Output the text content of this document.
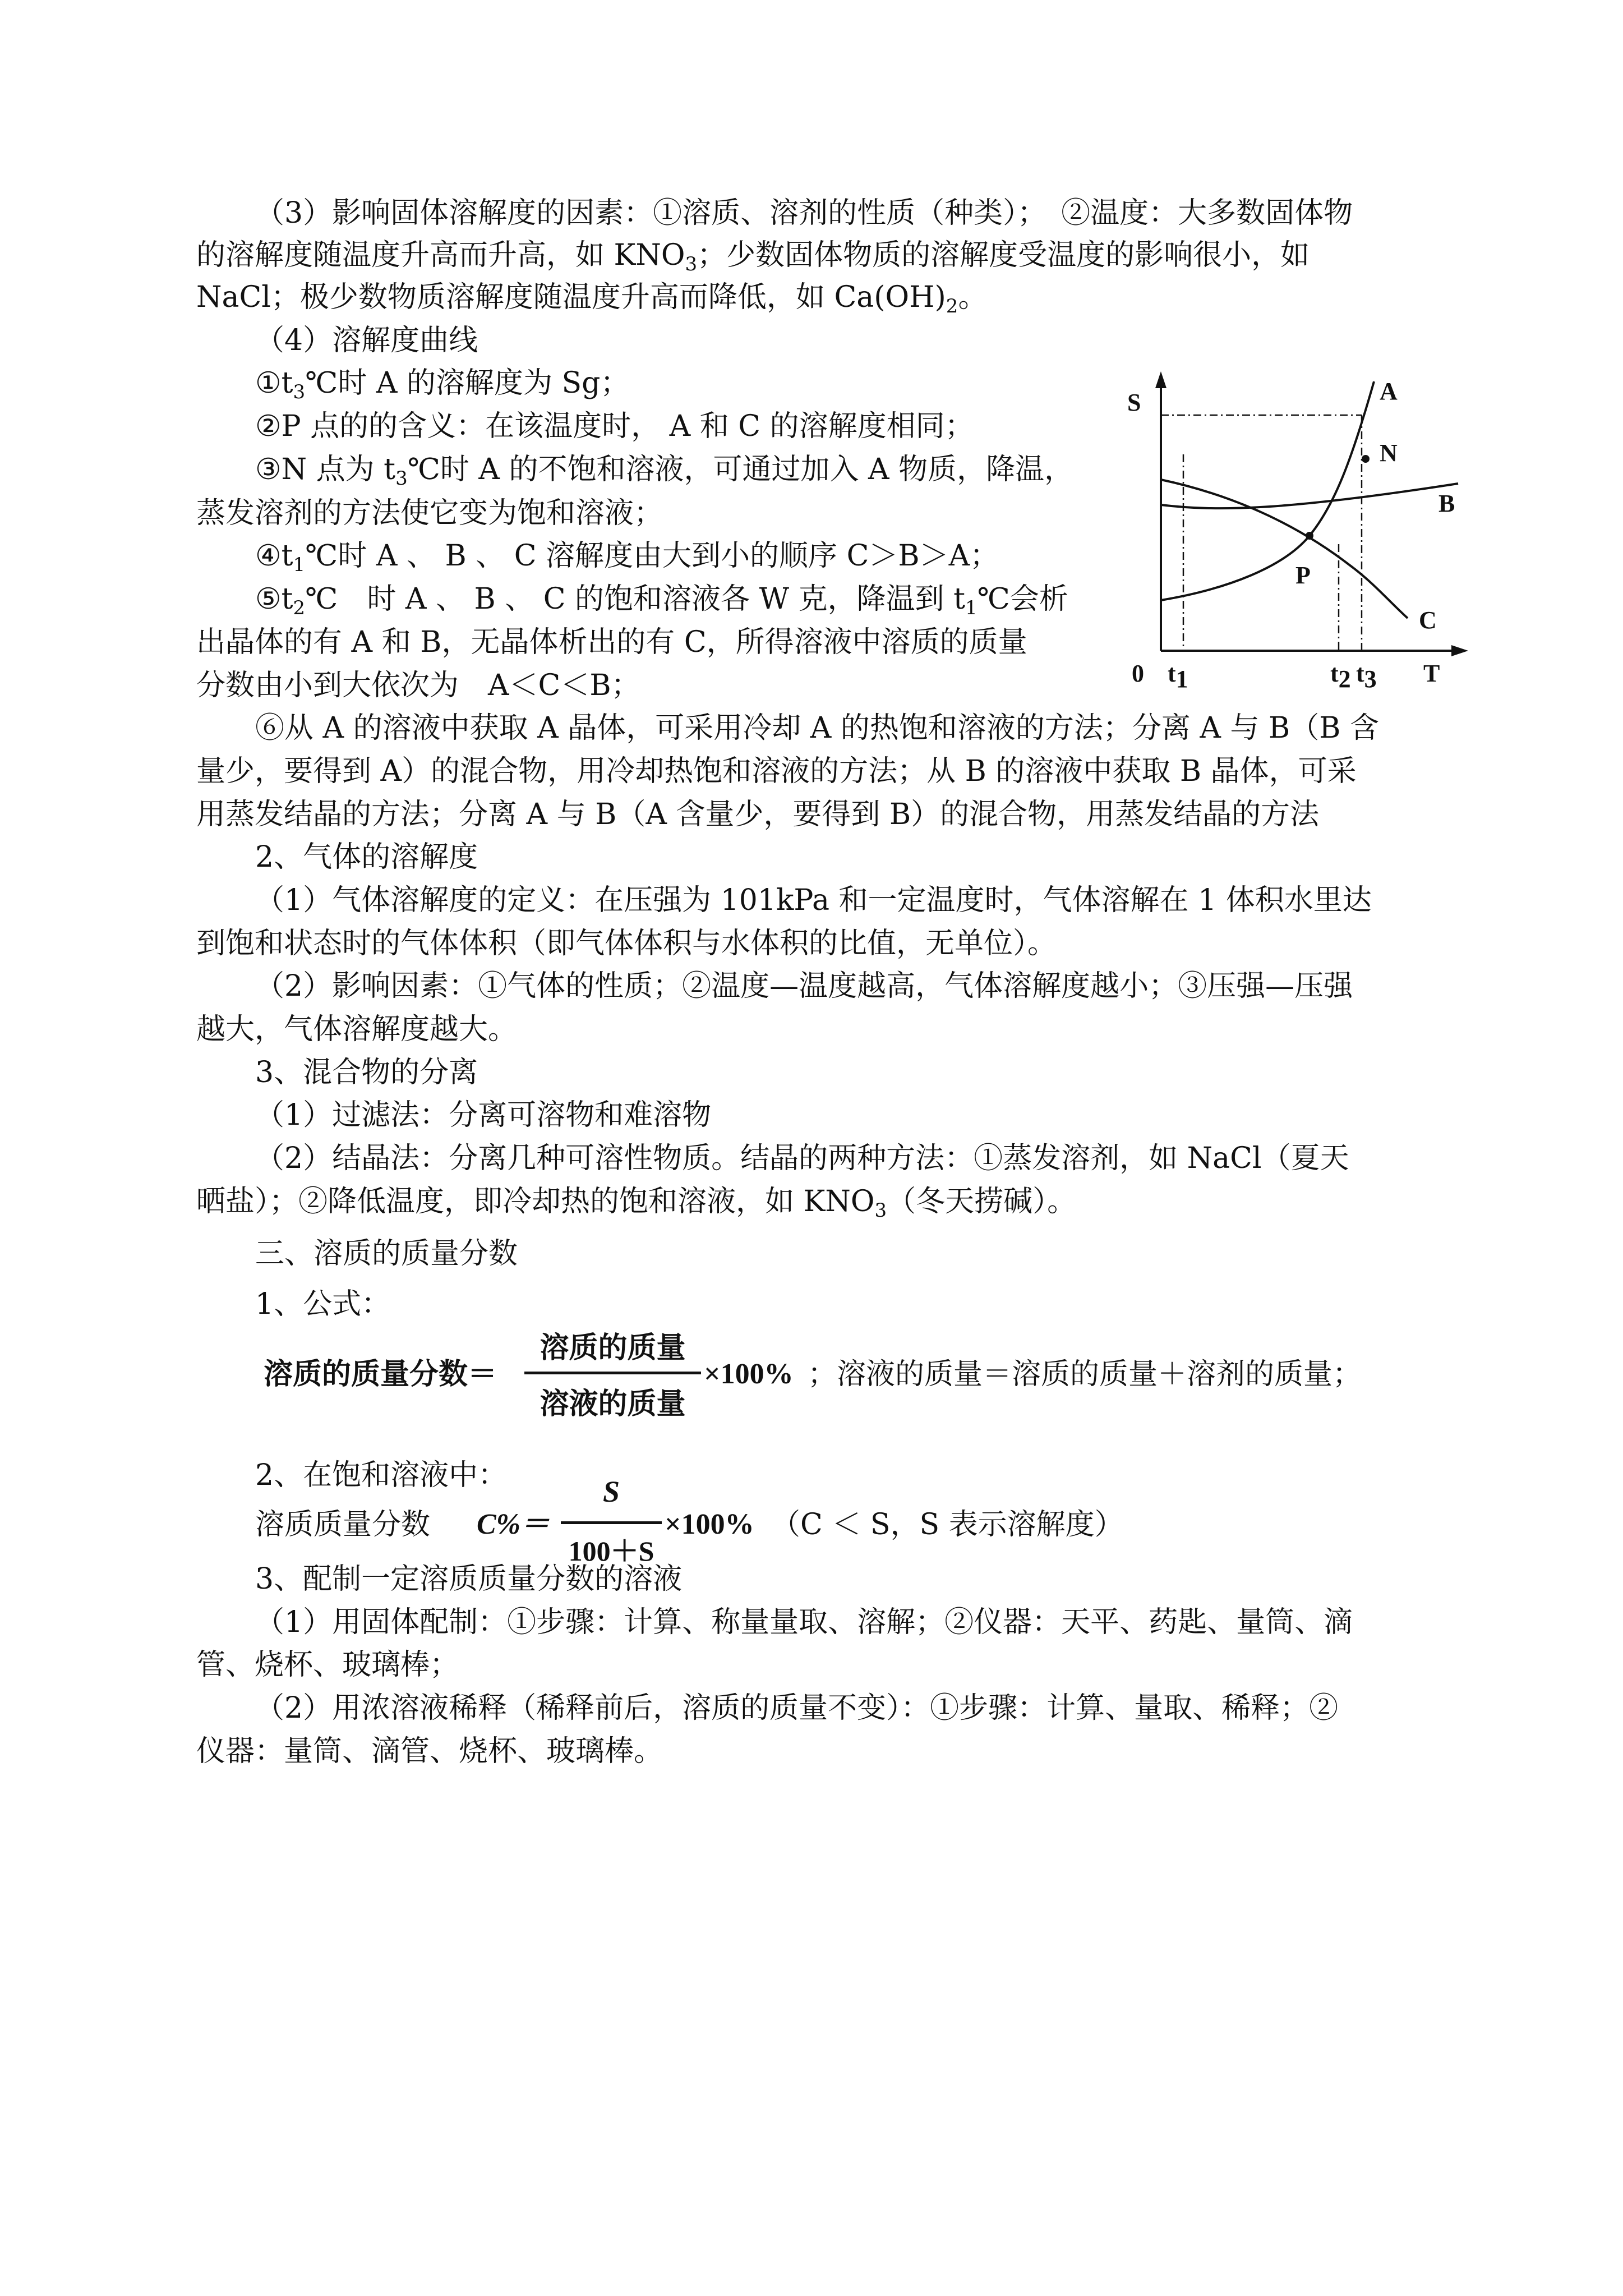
（3）影响固体溶解度的因素：①溶质、溶剂的性质（种类）；　②温度：大多数固体物

的溶解度随温度升高而升高，如 $KNO_3$；少数固体物质的溶解度受温度的影响很小，如

NaCl；极少数物质溶解度随温度升高而降低，如 $Ca(OH)_2$。

（4）溶解度曲线

$①t_3℃$时 A 的溶解度为 Sg；

②P 点的的含义：在该温度时， A 和 C 的溶解度相同；

③N 点为 $t_3℃$时 A 的不饱和溶液，可通过加入 A 物质，降温，

蒸发溶剂的方法使它变为饱和溶液；

$④t_1℃$时 A 、 B 、 C 溶解度由大到小的顺序 C＞B＞A；

$⑤t_2℃$　时 A 、 B 、 C 的饱和溶液各 W 克，降温到 $t_1℃$会析

出晶体的有 A 和 B，无晶体析出的有 C，所得溶液中溶质的质量

分数由小到大依次为　A＜C＜B；

⑥从 A 的溶液中获取 A 晶体，可采用冷却 A 的热饱和溶液的方法；分离 A 与 B（B 含

量少，要得到 A）的混合物，用冷却热饱和溶液的方法；从 B 的溶液中获取 B 晶体，可采

用蒸发结晶的方法；分离 A 与 B（A 含量少，要得到 B）的混合物，用蒸发结晶的方法

2、气体的溶解度

（1）气体溶解度的定义：在压强为 101kPa 和一定温度时，气体溶解在 1 体积水里达

到饱和状态时的气体体积（即气体体积与水体积的比值，无单位）。

（2）影响因素：①气体的性质；②温度—温度越高，气体溶解度越小；③压强—压强

越大，气体溶解度越大。

3、混合物的分离

（1）过滤法：分离可溶物和难溶物

（2）结晶法：分离几种可溶性物质。结晶的两种方法：①蒸发溶剂，如 NaCl（夏天

晒盐）；②降低温度，即冷却热的饱和溶液，如 $KNO_3$（冬天捞碱）。

三、溶质的质量分数

1、公式：

溶质的质量分数＝
溶质的质量
溶液的质量
×100% ；溶液的质量＝溶质的质量＋溶剂的质量；

2、在饱和溶液中：

溶质质量分数 C%＝
S
100＋S
×100% （C ＜ S，S 表示溶解度）

3、配制一定溶质质量分数的溶液

（1）用固体配制：①步骤：计算、称量量取、溶解；②仪器：天平、药匙、量筒、滴

管、烧杯、玻璃棒；

（2）用浓溶液稀释（稀释前后，溶质的质量不变）：①步骤：计算、量取、稀释；②

仪器：量筒、滴管、烧杯、玻璃棒。

S
T
0 t1	t2 t3
A
B
C
P
N
